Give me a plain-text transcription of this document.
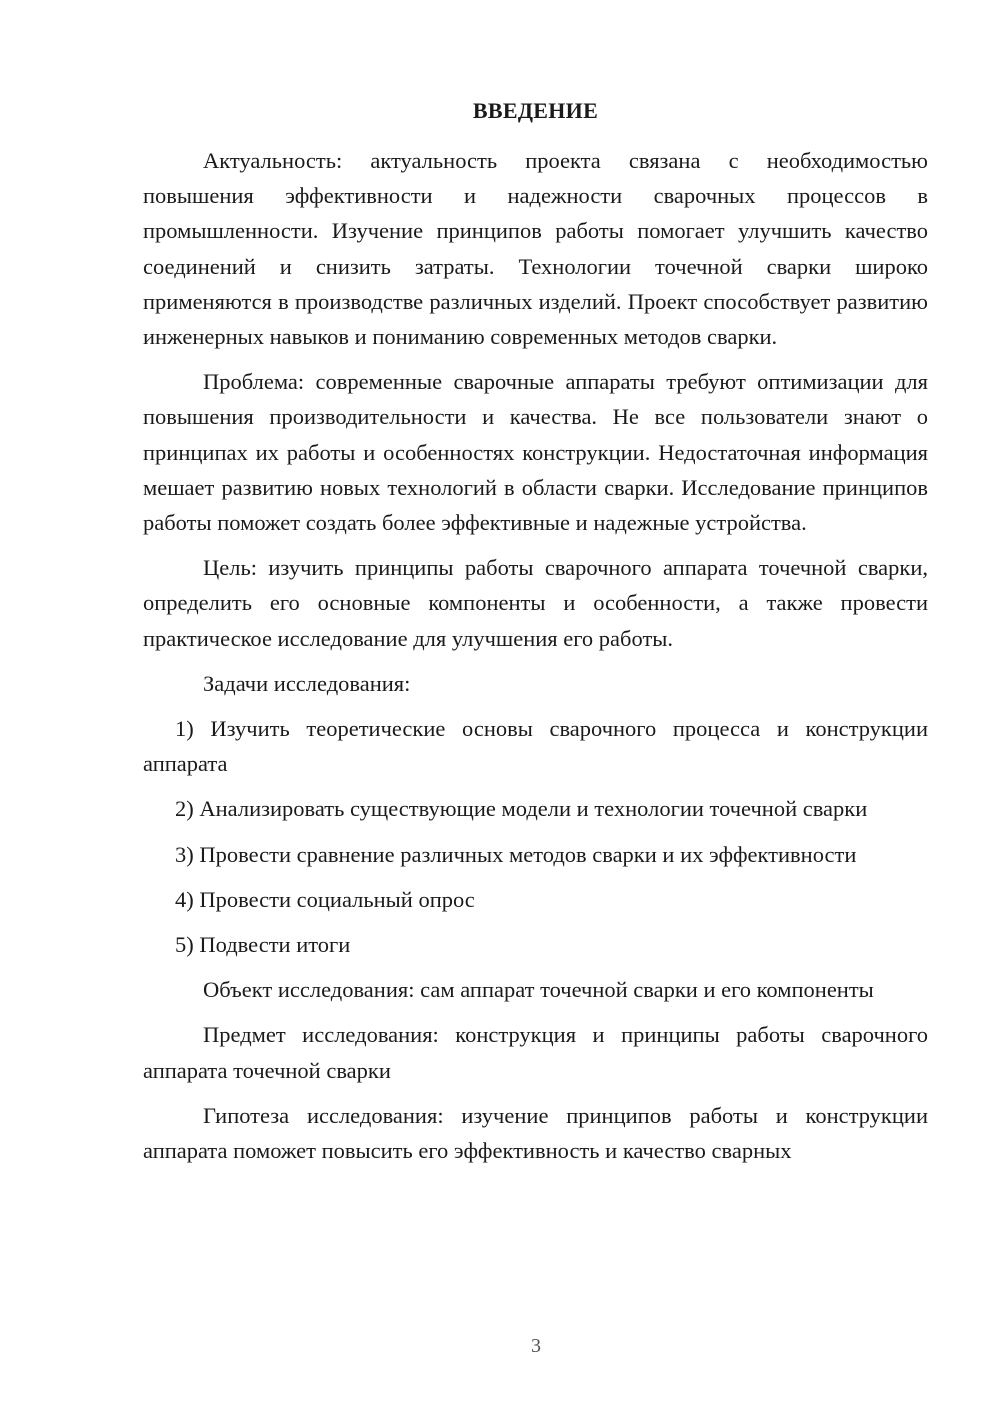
ВВЕДЕНИЕ

Актуальность: актуальность проекта связана с необходимостью повышения эффективности и надежности сварочных процессов в промышленности. Изучение принципов работы помогает улучшить качество соединений и снизить затраты. Технологии точечной сварки широко применяются в производстве различных изделий. Проект способствует развитию инженерных навыков и пониманию современных методов сварки.

Проблема: современные сварочные аппараты требуют оптимизации для повышения производительности и качества. Не все пользователи знают о принципах их работы и особенностях конструкции. Недостаточная информация мешает развитию новых технологий в области сварки. Исследование принципов работы поможет создать более эффективные и надежные устройства.

Цель: изучить принципы работы сварочного аппарата точечной сварки, определить его основные компоненты и особенности, а также провести практическое исследование для улучшения его работы.

Задачи исследования:

1) Изучить теоретические основы сварочного процесса и конструкции аппарата

2) Анализировать существующие модели и технологии точечной сварки

3) Провести сравнение различных методов сварки и их эффективности

4) Провести социальный опрос

5) Подвести итоги

Объект исследования: сам аппарат точечной сварки и его компоненты

Предмет исследования: конструкция и принципы работы сварочного аппарата точечной сварки

Гипотеза исследования: изучение принципов работы и конструкции аппарата поможет повысить его эффективность и качество сварных

3
